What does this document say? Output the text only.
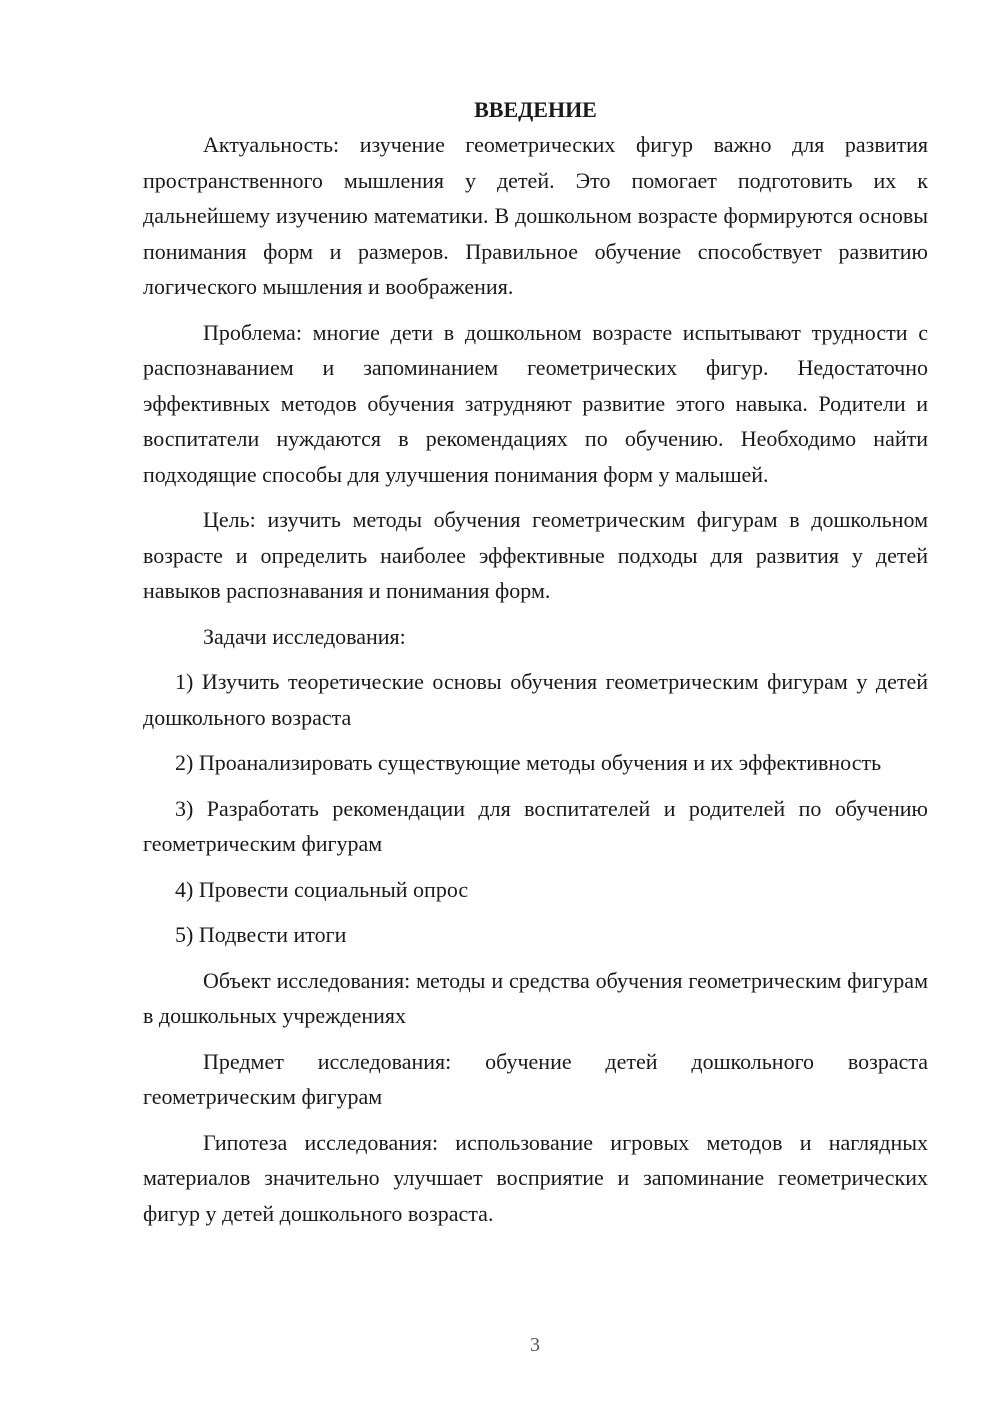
ВВЕДЕНИЕ

Актуальность: изучение геометрических фигур важно для развития пространственного мышления у детей. Это помогает подготовить их к дальнейшему изучению математики. В дошкольном возрасте формируются основы понимания форм и размеров. Правильное обучение способствует развитию логического мышления и воображения.

Проблема: многие дети в дошкольном возрасте испытывают трудности с распознаванием и запоминанием геометрических фигур. Недостаточно эффективных методов обучения затрудняют развитие этого навыка. Родители и воспитатели нуждаются в рекомендациях по обучению. Необходимо найти подходящие способы для улучшения понимания форм у малышей.

Цель: изучить методы обучения геометрическим фигурам в дошкольном возрасте и определить наиболее эффективные подходы для развития у детей навыков распознавания и понимания форм.

Задачи исследования:

1) Изучить теоретические основы обучения геометрическим фигурам у детей дошкольного возраста

2) Проанализировать существующие методы обучения и их эффективность

3) Разработать рекомендации для воспитателей и родителей по обучению геометрическим фигурам

4) Провести социальный опрос

5) Подвести итоги

Объект исследования: методы и средства обучения геометрическим фигурам в дошкольных учреждениях

Предмет исследования: обучение детей дошкольного возраста геометрическим фигурам

Гипотеза исследования: использование игровых методов и наглядных материалов значительно улучшает восприятие и запоминание геометрических фигур у детей дошкольного возраста.

3
